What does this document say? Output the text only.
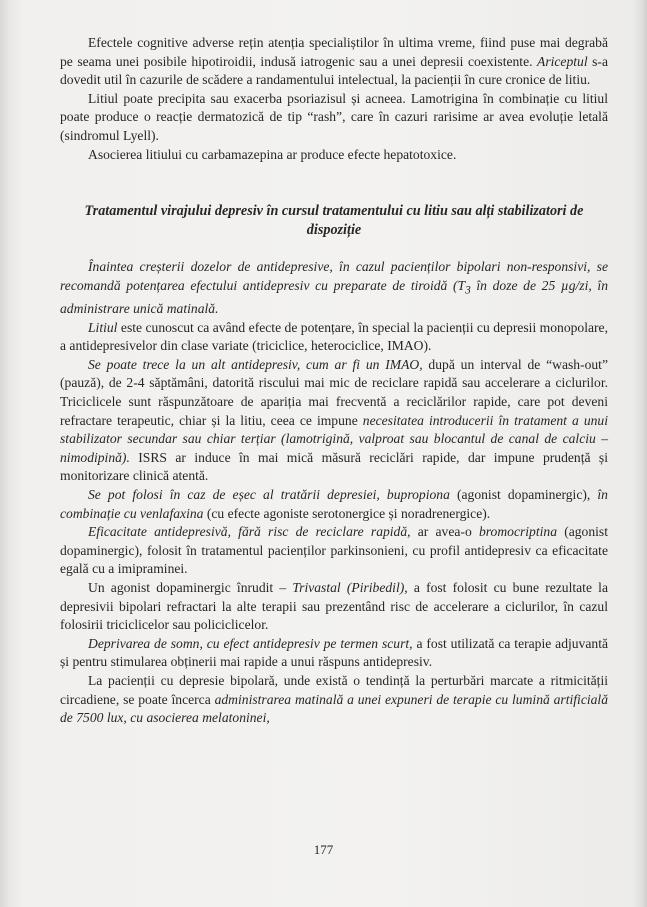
Efectele cognitive adverse rețin atenția specialiștilor în ultima vreme, fiind puse mai degrabă pe seama unei posibile hipotiroidii, indusă iatrogenic sau a unei depresii coexistente. Ariceptul s-a dovedit util în cazurile de scădere a randamentului intelectual, la pacienții în cure cronice de litiu.

Litiul poate precipita sau exacerba psoriazisul și acneea. Lamotrigina în combinație cu litiul poate produce o reacție dermatozică de tip “rash”, care în cazuri rarisime ar avea evoluție letală (sindromul Lyell).

Asocierea litiului cu carbamazepina ar produce efecte hepatotoxice.

Tratamentul virajului depresiv în cursul tratamentului cu litiu sau alți stabilizatori de dispoziție

Înaintea creșterii dozelor de antidepresive, în cazul pacienților bipolari non-responsivi, se recomandă potențarea efectului antidepresiv cu preparate de tiroidă ($T_3$ în doze de 25 µg/zi, în administrare unică matinală.

Litiul este cunoscut ca având efecte de potențare, în special la pacienții cu depresii monopolare, a antidepresivelor din clase variate (triciclice, heterociclice, IMAO).

Se poate trece la un alt antidepresiv, cum ar fi un IMAO, după un interval de “wash-out” (pauză), de 2-4 săptămâni, datorită riscului mai mic de reciclare rapidă sau accelerare a ciclurilor. Triciclicele sunt răspunzătoare de apariția mai frecventă a reciclărilor rapide, care pot deveni refractare terapeutic, chiar și la litiu, ceea ce impune necesitatea introducerii în tratament a unui stabilizator secundar sau chiar terțiar (lamotrigină, valproat sau blocantul de canal de calciu – nimodipină). ISRS ar induce în mai mică măsură reciclări rapide, dar impune prudență și monitorizare clinică atentă.

Se pot folosi în caz de eșec al tratării depresiei, bupropiona (agonist dopaminergic), în combinație cu venlafaxina (cu efecte agoniste serotonergice și noradrenergice).

Eficacitate antidepresivă, fără risc de reciclare rapidă, ar avea-o bromocriptina (agonist dopaminergic), folosit în tratamentul pacienților parkinsonieni, cu profil antidepresiv ca eficacitate egală cu a imipraminei.

Un agonist dopaminergic înrudit – Trivastal (Piribedil), a fost folosit cu bune rezultate la depresivii bipolari refractari la alte terapii sau prezentând risc de accelerare a ciclurilor, în cazul folosirii triciclicelor sau policiclicelor.

Deprivarea de somn, cu efect antidepresiv pe termen scurt, a fost utilizată ca terapie adjuvantă și pentru stimularea obținerii mai rapide a unui răspuns antidepresiv.

La pacienții cu depresie bipolară, unde există o tendință la perturbări marcate a ritmicității circadiene, se poate încerca administrarea matinală a unei expuneri de terapie cu lumină artificială de 7500 lux, cu asocierea melatoninei,

177
